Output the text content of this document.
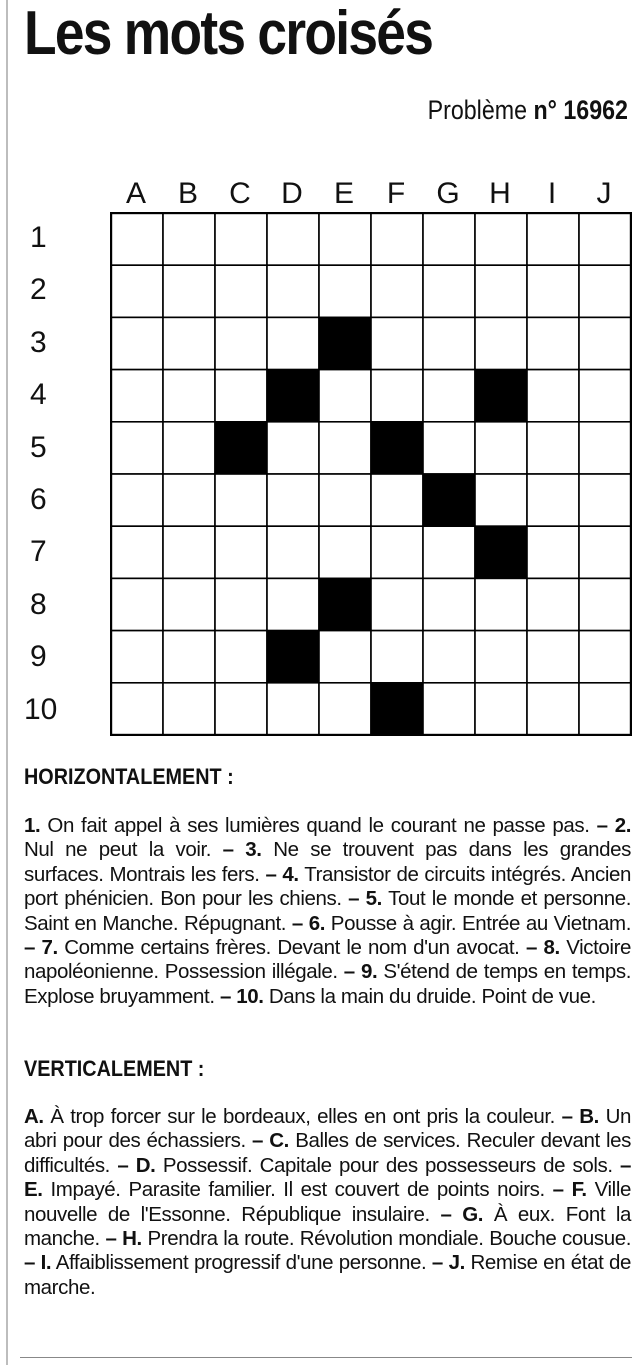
Les mots croisés
Problème n° 16962
A	B	C	D	E	F	G H	I	J
1
2
3
4
5
6
7
8
9
10
HORIZONTALEMENT :

1. On fait appel à ses lumières quand le courant ne passe pas. – 2. Nul ne peut la voir. – 3. Ne se trouvent pas dans les grandes surfaces. Montrais les fers. – 4. Transistor de circuits intégrés. Ancien port phénicien. Bon pour les chiens. – 5. Tout le monde et personne. Saint en Manche. Répugnant. – 6. Pousse à agir. Entrée au Vietnam. – 7. Comme certains frères. Devant le nom d'un avocat. – 8. Victoire napoléonienne. Possession illégale. – 9. S'étend de temps en temps. Explose bruyamment. – 10. Dans la main du druide. Point de vue.

VERTICALEMENT :

A. À trop forcer sur le bordeaux, elles en ont pris la couleur. – B. Un abri pour des échassiers. – C. Balles de services. Reculer devant les difficultés. – D. Possessif. Capitale pour des possesseurs de sols. – E. Impayé. Parasite familier. Il est couvert de points noirs. – F. Ville nouvelle de l'Essonne. République insulaire. – G. À eux. Font la manche. – H. Prendra la route. Révolution mondiale. Bouche cousue. – I. Affaiblissement progressif d'une personne. – J. Remise en état de marche.
